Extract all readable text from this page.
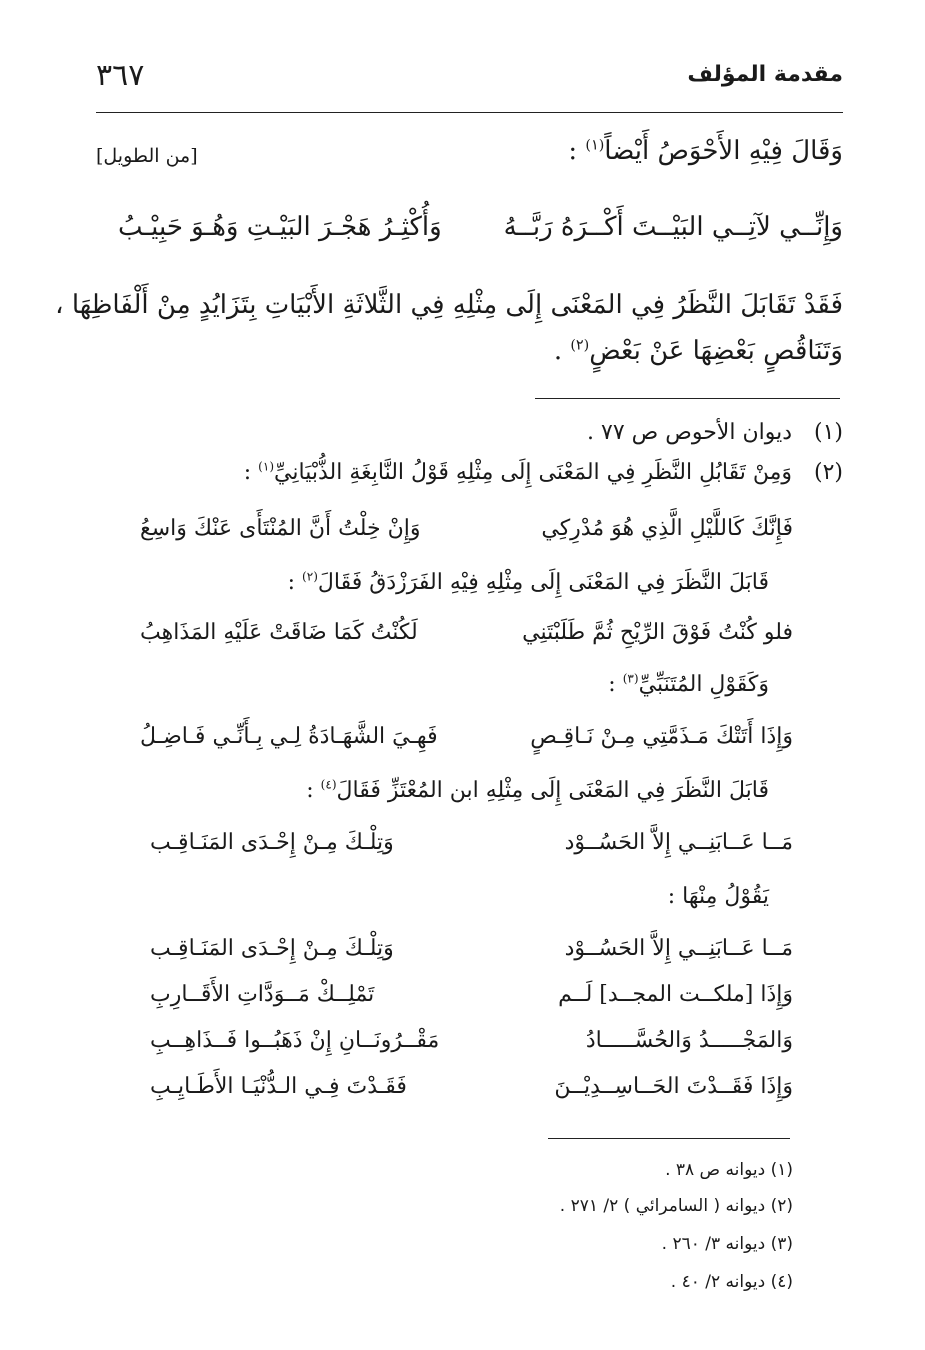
٣٦٧	مقدمة المؤلف
وَقَالَ فِيْهِ الأَحْوَصُ أَيْضاً$^{(١)}$ :
[من الطويل]
وَإِنِّــي لآتِــي البَيْــتَ أَكْــرَهُ رَبَّــهُ
وَأُكْثِـرُ هَجْـرَ البَيْـتِ وَهُـوَ حَبِيْـبُ
فَقَدْ تَقَابَلَ النَّظَرُ فِي المَعْنَى إِلَى مِثْلِهِ فِي الثَّلاثَةِ الأَبْيَاتِ بِتَزَايُدٍ مِنْ أَلْفَاظِهَا ،
وَتَنَاقُصٍ بَعْضِهَا عَنْ بَعْضٍ$^{(٢)}$ .
(١) ديوان الأحوص ص ٧٧ .
(٢) وَمِنْ تَقَابُلِ النَّظَرِ فِي المَعْنَى إِلَى مِثْلِهِ قَوْلُ النَّابِغَةِ الذُّبْيَانِيِّ$^{(١)}$ :
فَإِنَّكَ كَاللَّيْلِ الَّذِي هُوَ مُدْرِكِي
وَإِنْ خِلْتُ أَنَّ المُنْتَأَى عَنْكَ وَاسِعُ
قَابَلَ النَّظَرَ فِي المَعْنَى إِلَى مِثْلِهِ فِيْهِ الفَرَزْدَقُ فَقَالَ$^{(٢)}$ :
فلو كُنْتُ فَوْقَ الرِّيْحِ ثُمَّ طَلَبْتَنِي
لَكُنْتُ كَمَا ضَاقَتْ عَلَيْهِ المَذَاهِبُ
وَكَقَوْلِ المُتَنَبِّيِّ$^{(٣)}$ :
وَإِذَا أَتَتْكَ مَـذَمَّتِي مِـنْ نَـاقِـصٍ
فَهِـيَ الشَّهَـادَةُ لِـي بِـأَنِّـي فَـاضِـلُ
قَابَلَ النَّظَرَ فِي المَعْنَى إِلَى مِثْلِهِ ابن المُعْتَزِّ فَقَالَ$^{(٤)}$ :
مَــا عَــابَنِــي إِلاَّ الحَسُــوْد
وَتِلْـكَ مِـنْ إِحْـدَى المَنَـاقِـب
يَقُوْلُ مِنْهَا :
مَــا عَــابَنِــي إِلاَّ الحَسُــوْد
وَتِلْـكَ مِـنْ إِحْـدَى المَنَـاقِـب
وَإِذَا [ملكــت المجــد] لَــم
تَمْلِــكْ مَــوَدَّاتِ الأَقَــارِبِ
وَالمَجْـــــدُ وَالحُسَّـــــادُ
مَقْــرُونَــانِ إِنْ ذَهَبُــوا فَــذَاهِــبِ
وَإِذَا فَقَــدْتَ الحَــاسِــدِيْــنَ
فَقَـدْتَ فِـي الـدُّنْيَـا الأَطَـايِـبِ
(١) ديوانه ص ٣٨ .
(٢) ديوانه ( السامرائي ) ٢/ ٢٧١ .
(٣) ديوانه ٣/ ٢٦٠ .
(٤) ديوانه ٢/ ٤٠ .
